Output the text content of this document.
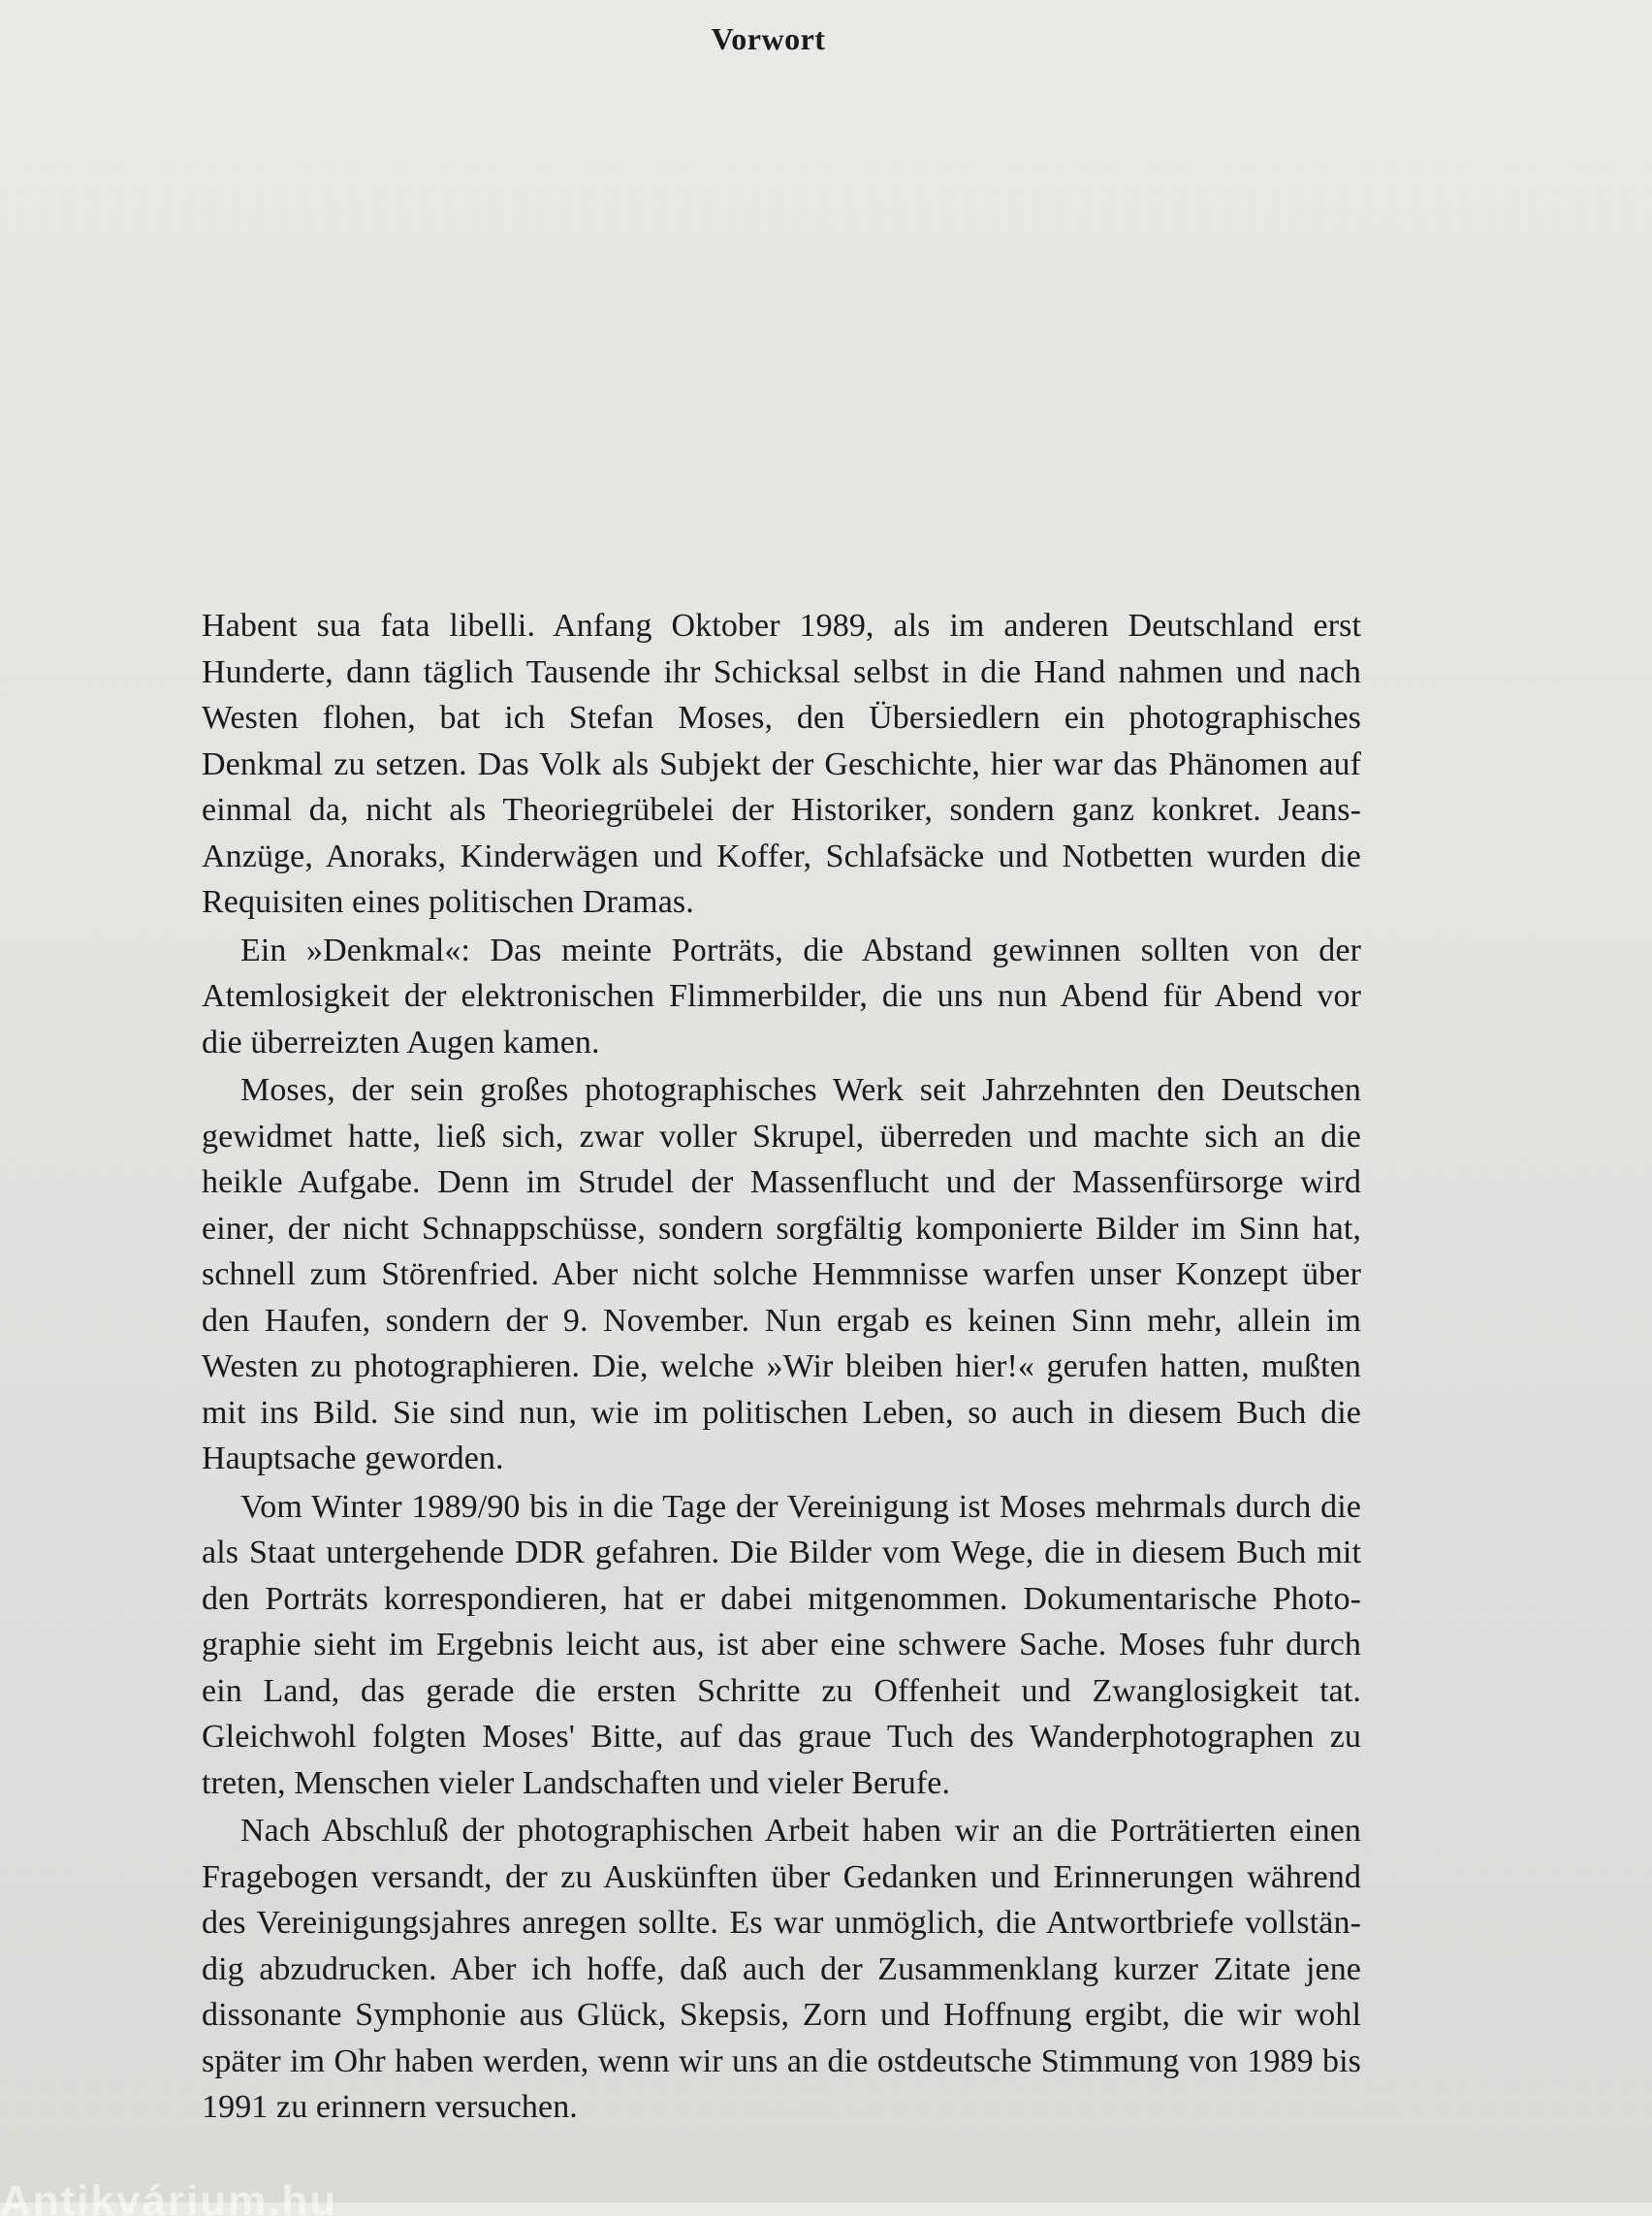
Vorwort
Habent sua fata libelli. Anfang Oktober 1989, als im anderen Deutschland erst
Hunderte, dann täglich Tausende ihr Schicksal selbst in die Hand nahmen und nach
Westen flohen, bat ich Stefan Moses, den Übersiedlern ein photographisches
Denkmal zu setzen. Das Volk als Subjekt der Geschichte, hier war das Phänomen auf
einmal da, nicht als Theoriegrübelei der Historiker, sondern ganz konkret. Jeans-
Anzüge, Anoraks, Kinderwägen und Koffer, Schlafsäcke und Notbetten wurden die
Requisiten eines politischen Dramas.
Ein »Denkmal«: Das meinte Porträts, die Abstand gewinnen sollten von der
Atemlosigkeit der elektronischen Flimmerbilder, die uns nun Abend für Abend vor
die überreizten Augen kamen.
Moses, der sein großes photographisches Werk seit Jahrzehnten den Deutschen
gewidmet hatte, ließ sich, zwar voller Skrupel, überreden und machte sich an die
heikle Aufgabe. Denn im Strudel der Massenflucht und der Massenfürsorge wird
einer, der nicht Schnappschüsse, sondern sorgfältig komponierte Bilder im Sinn hat,
schnell zum Störenfried. Aber nicht solche Hemmnisse warfen unser Konzept über
den Haufen, sondern der 9. November. Nun ergab es keinen Sinn mehr, allein im
Westen zu photographieren. Die, welche »Wir bleiben hier!« gerufen hatten, mußten
mit ins Bild. Sie sind nun, wie im politischen Leben, so auch in diesem Buch die
Hauptsache geworden.
Vom Winter 1989/90 bis in die Tage der Vereinigung ist Moses mehrmals durch die
als Staat untergehende DDR gefahren. Die Bilder vom Wege, die in diesem Buch mit
den Porträts korrespondieren, hat er dabei mitgenommen. Dokumentarische Photo-
graphie sieht im Ergebnis leicht aus, ist aber eine schwere Sache. Moses fuhr durch
ein Land, das gerade die ersten Schritte zu Offenheit und Zwanglosigkeit tat.
Gleichwohl folgten Moses' Bitte, auf das graue Tuch des Wanderphotographen zu
treten, Menschen vieler Landschaften und vieler Berufe.
Nach Abschluß der photographischen Arbeit haben wir an die Porträtierten einen
Fragebogen versandt, der zu Auskünften über Gedanken und Erinnerungen während
des Vereinigungsjahres anregen sollte. Es war unmöglich, die Antwortbriefe vollstän-
dig abzudrucken. Aber ich hoffe, daß auch der Zusammenklang kurzer Zitate jene
dissonante Symphonie aus Glück, Skepsis, Zorn und Hoffnung ergibt, die wir wohl
später im Ohr haben werden, wenn wir uns an die ostdeutsche Stimmung von 1989 bis
1991 zu erinnern versuchen.
Antikvárium.hu
